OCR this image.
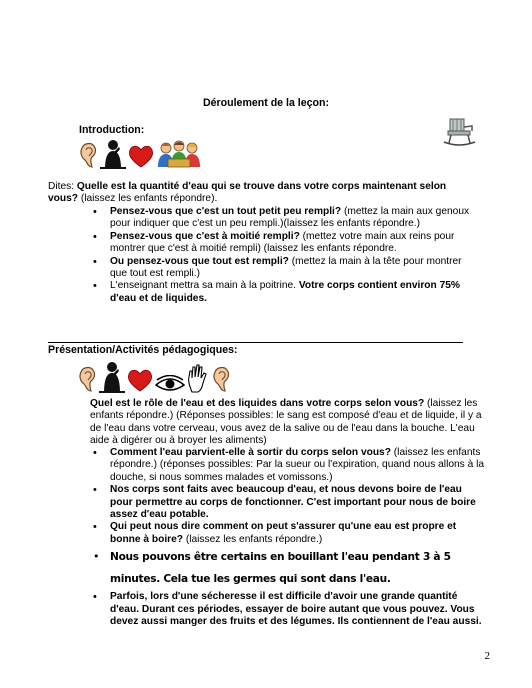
Déroulement de la leçon:
Introduction:
Dites: Quelle est la quantité d'eau qui se trouve dans votre corps maintenant selon vous? (laissez les enfants répondre).
• Pensez-vous que c'est un tout petit peu rempli? (mettez la main aux genoux pour indiquer que c'est un peu rempli.)(laissez les enfants répondre.)
• Pensez-vous que c'est à moitié rempli? (mettez votre main aux reins pour montrer que c'est à moitié rempli) (laissez les enfants répondre.
• Ou pensez-vous que tout est rempli? (mettez la main à la tête pour montrer que tout est rempli.)
• L'enseignant mettra sa main à la poitrine. Votre corps contient environ 75% d'eau et de liquides.
Présentation/Activités pédagogiques:
Quel est le rôle de l'eau et des liquides dans votre corps selon vous? (laissez les enfants répondre.) (Réponses possibles: le sang est composé d'eau et de liquide, il y a de l'eau dans votre cerveau, vous avez de la salive ou de l'eau dans la bouche. L'eau aide à digérer ou à broyer les aliments)
• Comment l'eau parvient-elle à sortir du corps selon vous? (laissez les enfants répondre.) (réponses possibles: Par la sueur ou l'expiration, quand nous allons à la douche, si nous sommes malades et vomissons.)
• Nos corps sont faits avec beaucoup d'eau, et nous devons boire de l'eau pour permettre au corps de fonctionner. C'est important pour nous de boire assez d'eau potable.
• Qui peut nous dire comment on peut s'assurer qu'une eau est propre et bonne à boire? (laissez les enfants répondre.)
• Nous pouvons être certains en bouillant l'eau pendant 3 à 5 minutes. Cela tue les germes qui sont dans l'eau.
• Parfois, lors d'une sécheresse il est difficile d'avoir une grande quantité d'eau. Durant ces périodes, essayer de boire autant que vous pouvez. Vous devez aussi manger des fruits et des légumes. Ils contiennent de l'eau aussi.
2
